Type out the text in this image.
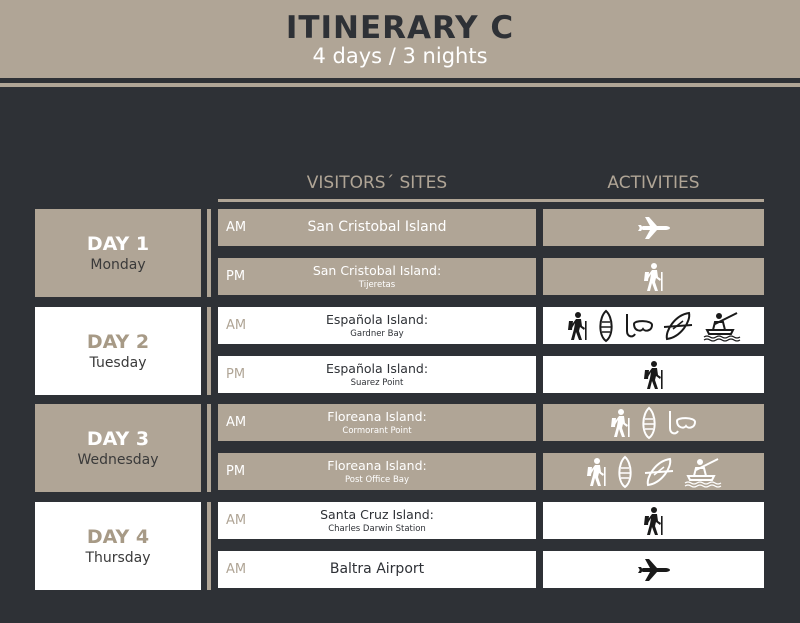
ITINERARY C
4 days / 3 nights
VISITORS´ SITES	ACTIVITIES
DAY 1
Monday
AM	San Cristobal Island
PM	San Cristobal Island:
Tijeretas
DAY 2
Tuesday
AM	Española Island:
Gardner Bay
PM	Española Island:
Suarez Point
DAY 3
Wednesday
AM	Floreana Island:
Cormorant Point
PM	Floreana Island:
Post Office Bay
DAY 4
Thursday
AM	Santa Cruz Island:
Charles Darwin Station
AM	Baltra Airport
